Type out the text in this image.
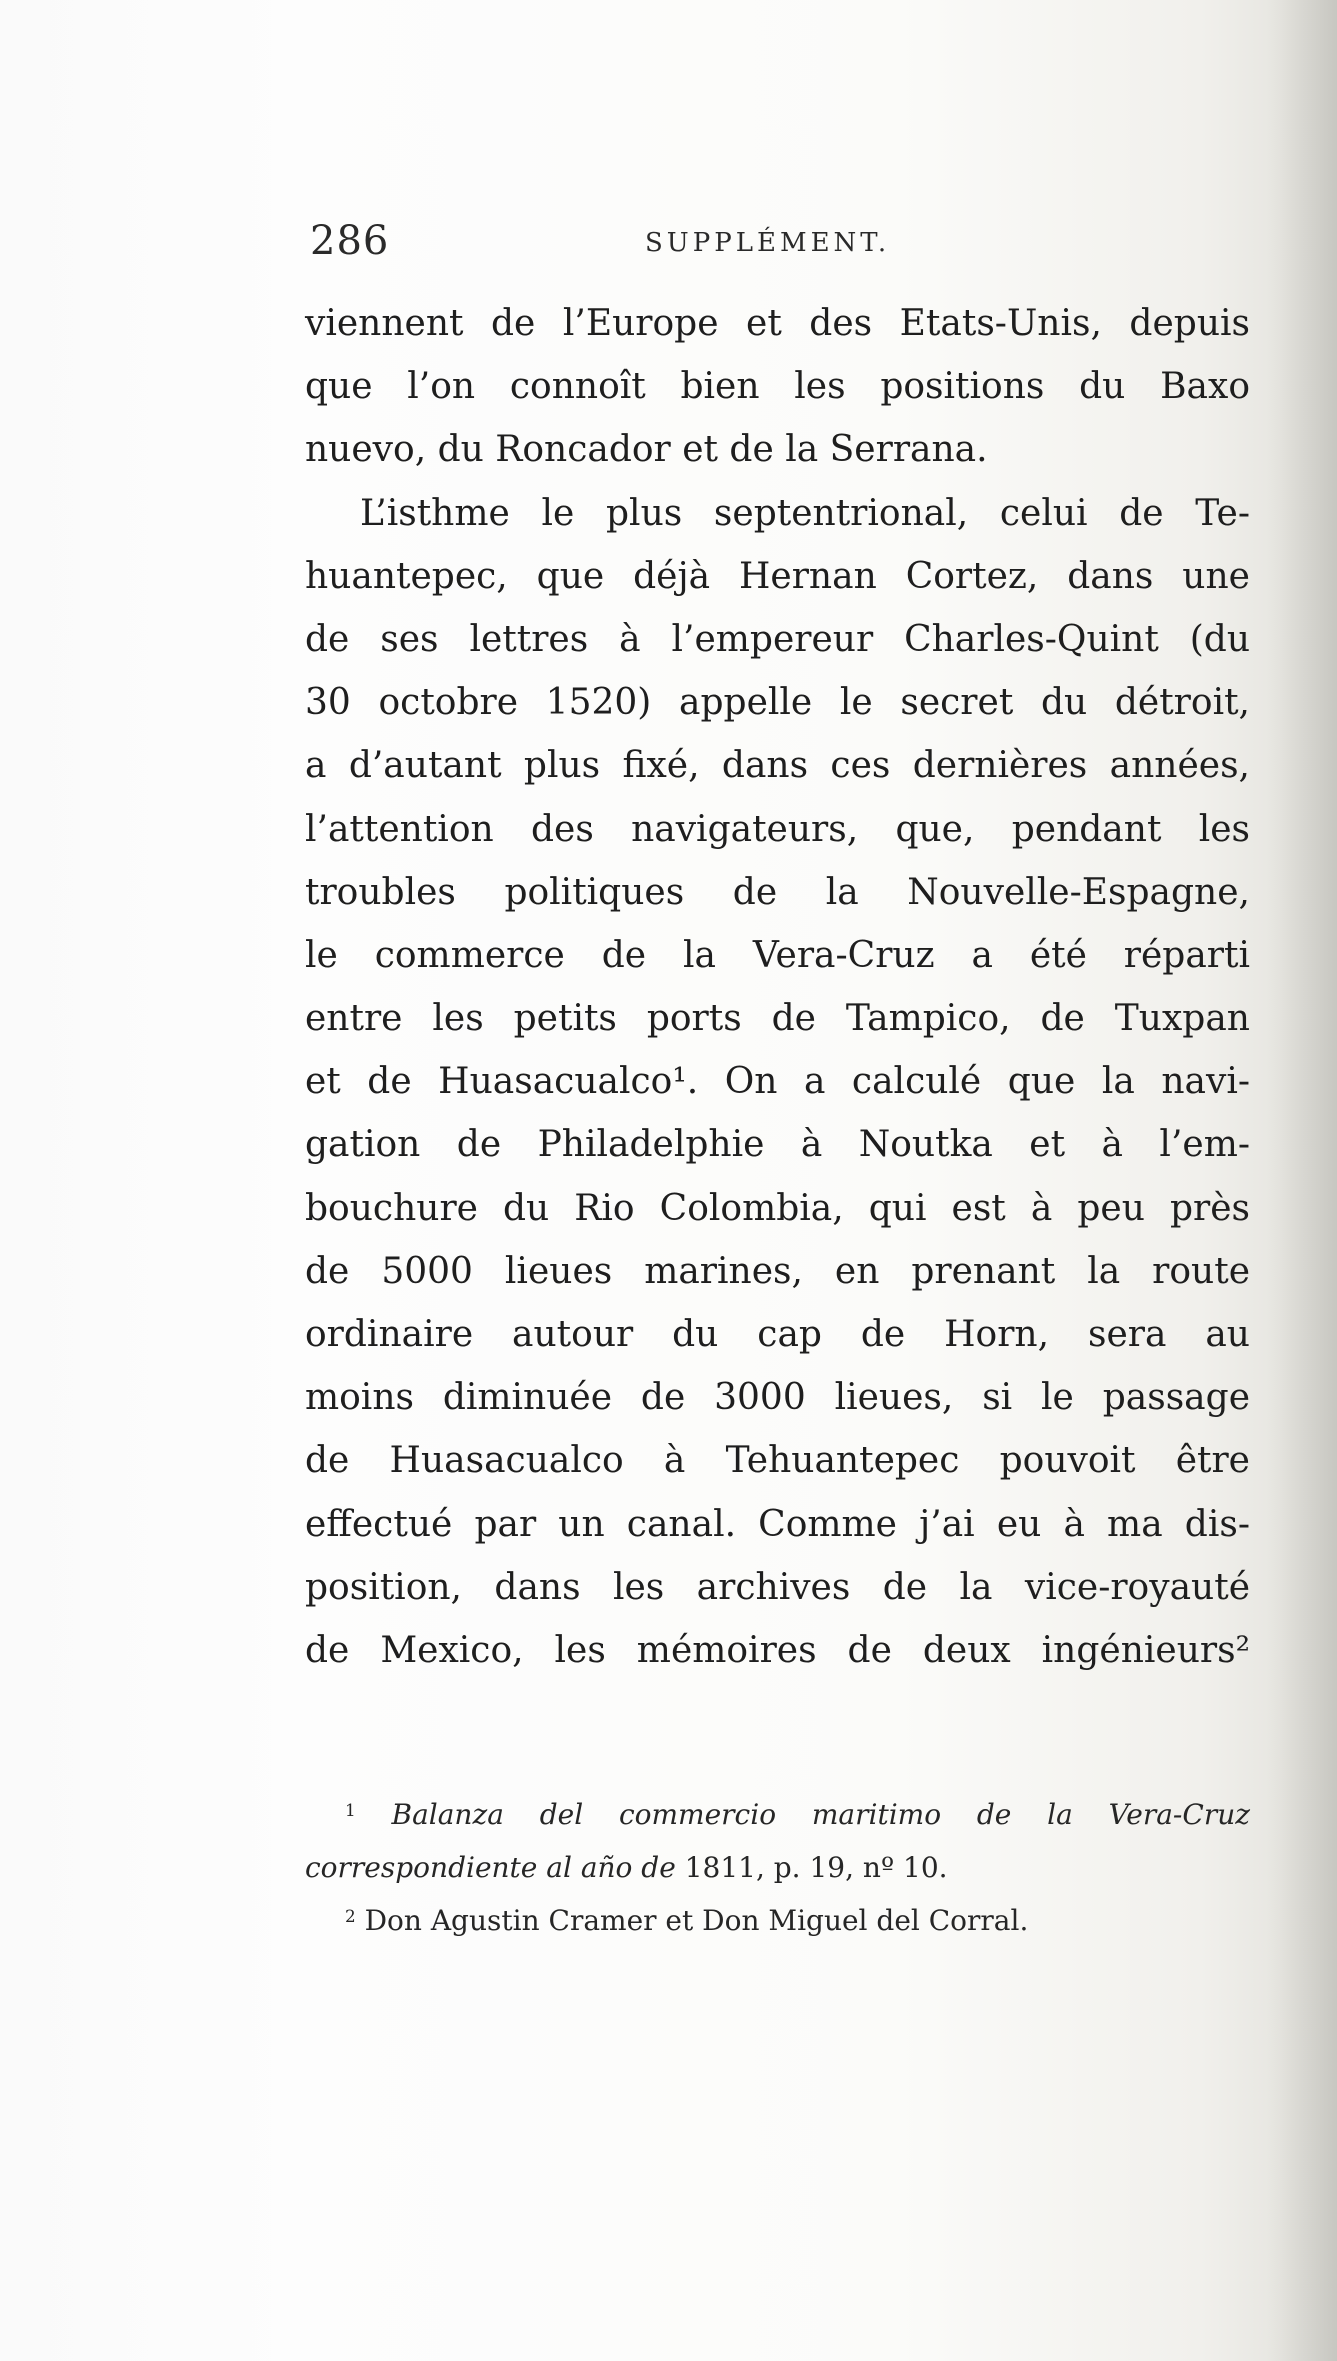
286	SUPPLÉMENT.
viennent de l’Europe et des Etats-Unis, depuis
que l’on connoît bien les positions du Baxo
nuevo, du Roncador et de la Serrana.
L’isthme le plus septentrional, celui de Te-
huantepec, que déjà Hernan Cortez, dans une
de ses lettres à l’empereur Charles-Quint (du
30 octobre 1520) appelle le secret du détroit,
a d’autant plus fixé, dans ces dernières années,
l’attention des navigateurs, que, pendant les
troubles politiques de la Nouvelle-Espagne,
le commerce de la Vera-Cruz a été réparti
entre les petits ports de Tampico, de Tuxpan
et de Huasacualco¹. On a calculé que la navi-
gation de Philadelphie à Noutka et à l’em-
bouchure du Rio Colombia, qui est à peu près
de 5000 lieues marines, en prenant la route
ordinaire autour du cap de Horn, sera au
moins diminuée de 3000 lieues, si le passage
de Huasacualco à Tehuantepec pouvoit être
effectué par un canal. Comme j’ai eu à ma dis-
position, dans les archives de la vice-royauté
de Mexico, les mémoires de deux ingénieurs²
$^1$ Balanza del commercio maritimo de la Vera-Cruz
correspondiente al año de 1811, p. 19, nº 10.
$^2$ Don Agustin Cramer et Don Miguel del Corral.
